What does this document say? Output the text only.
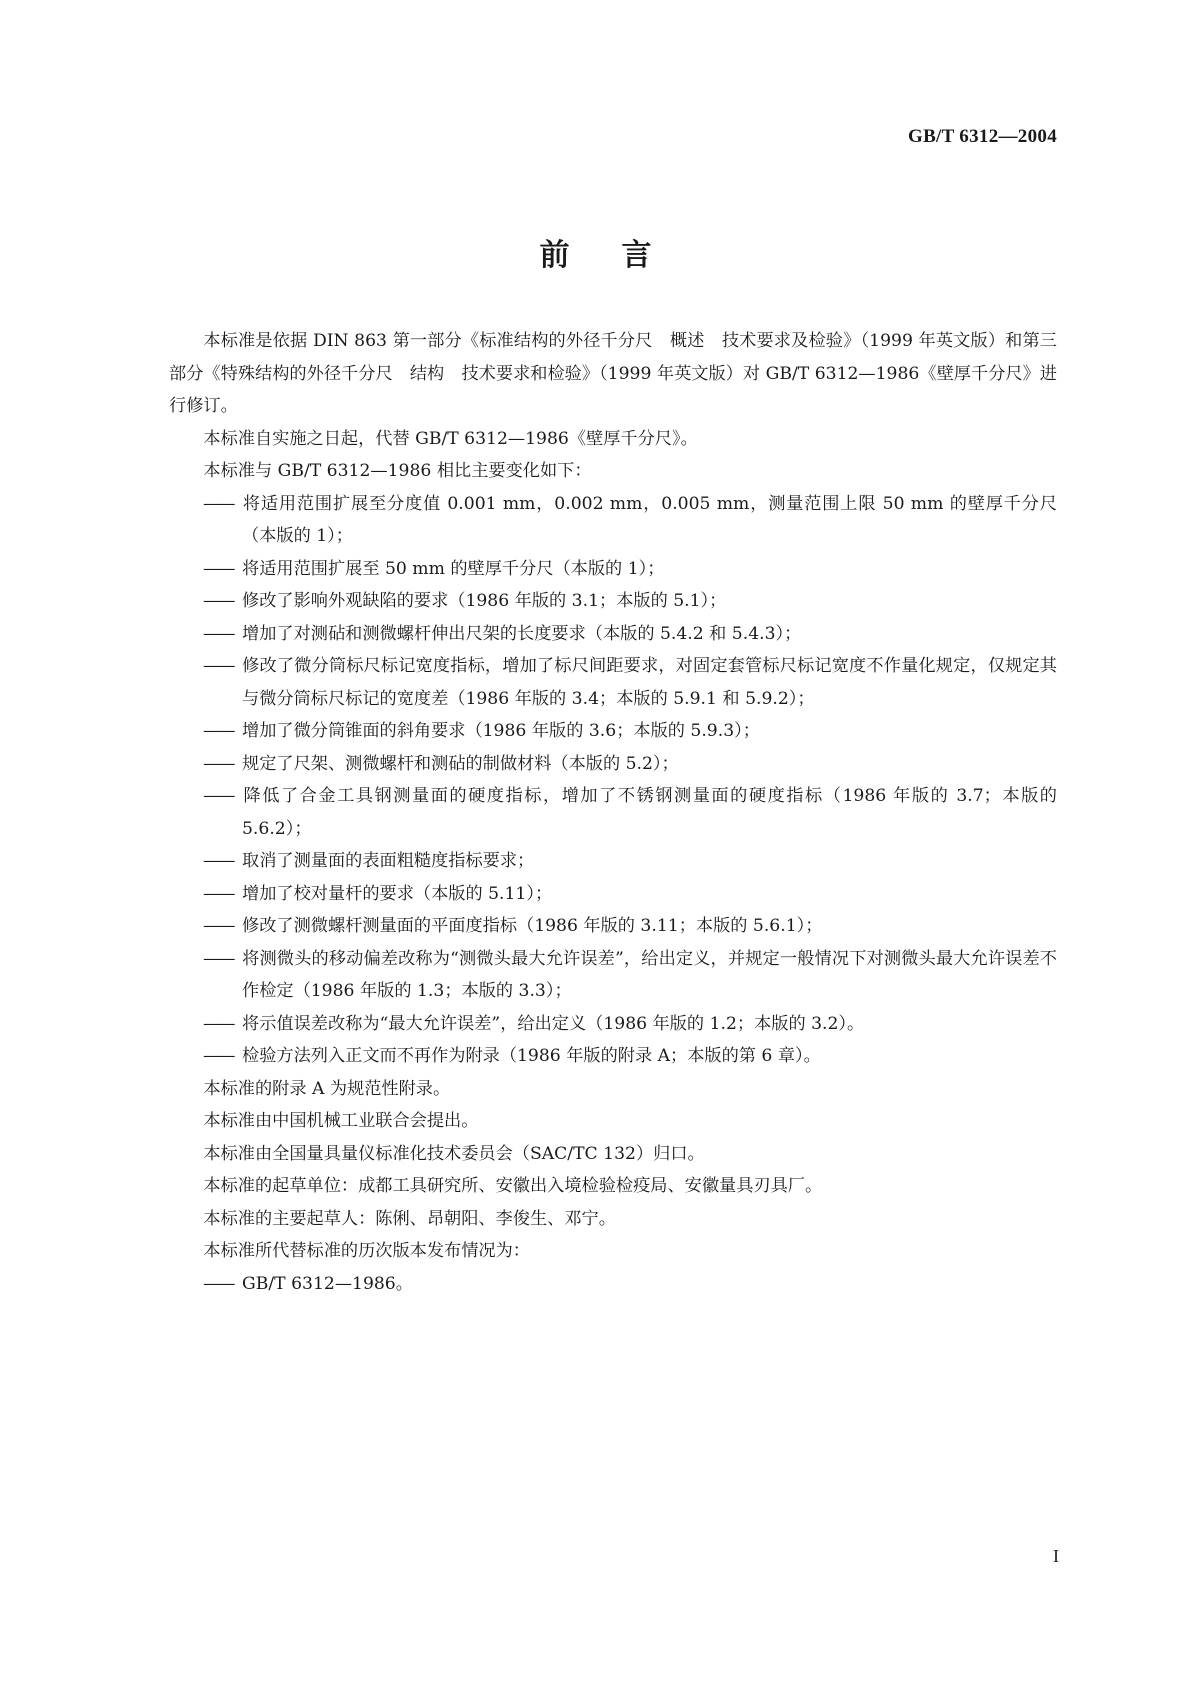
GB/T 6312—2004
前言

本标准是依据 DIN 863 第一部分《标准结构的外径千分尺　概述　技术要求及检验》（1999 年英文版）和第三部分《特殊结构的外径千分尺　结构　技术要求和检验》（1999 年英文版）对 GB/T 6312—1986《壁厚千分尺》进行修订。

本标准自实施之日起，代替 GB/T 6312—1986《壁厚千分尺》。

本标准与 GB/T 6312—1986 相比主要变化如下：

—— 将适用范围扩展至分度值 0.001 mm，0.002 mm，0.005 mm，测量范围上限 50 mm 的壁厚千分尺（本版的 1）；

—— 将适用范围扩展至 50 mm 的壁厚千分尺（本版的 1）；

—— 修改了影响外观缺陷的要求（1986 年版的 3.1；本版的 5.1）；

—— 增加了对测砧和测微螺杆伸出尺架的长度要求（本版的 5.4.2 和 5.4.3）；

—— 修改了微分筒标尺标记宽度指标，增加了标尺间距要求，对固定套管标尺标记宽度不作量化规定，仅规定其与微分筒标尺标记的宽度差（1986 年版的 3.4；本版的 5.9.1 和 5.9.2）；

—— 增加了微分筒锥面的斜角要求（1986 年版的 3.6；本版的 5.9.3）；

—— 规定了尺架、测微螺杆和测砧的制做材料（本版的 5.2）；

—— 降低了合金工具钢测量面的硬度指标，增加了不锈钢测量面的硬度指标（1986 年版的 3.7；本版的 5.6.2）；

—— 取消了测量面的表面粗糙度指标要求；

—— 增加了校对量杆的要求（本版的 5.11）；

—— 修改了测微螺杆测量面的平面度指标（1986 年版的 3.11；本版的 5.6.1）；

—— 将测微头的移动偏差改称为“测微头最大允许误差”，给出定义，并规定一般情况下对测微头最大允许误差不作检定（1986 年版的 1.3；本版的 3.3）；

—— 将示值误差改称为“最大允许误差”，给出定义（1986 年版的 1.2；本版的 3.2）。

—— 检验方法列入正文而不再作为附录（1986 年版的附录 A；本版的第 6 章）。

本标准的附录 A 为规范性附录。

本标准由中国机械工业联合会提出。

本标准由全国量具量仪标准化技术委员会（SAC/TC 132）归口。

本标准的起草单位：成都工具研究所、安徽出入境检验检疫局、安徽量具刃具厂。

本标准的主要起草人：陈俐、昂朝阳、李俊生、邓宁。

本标准所代替标准的历次版本发布情况为：

—— GB/T 6312—1986。

I
